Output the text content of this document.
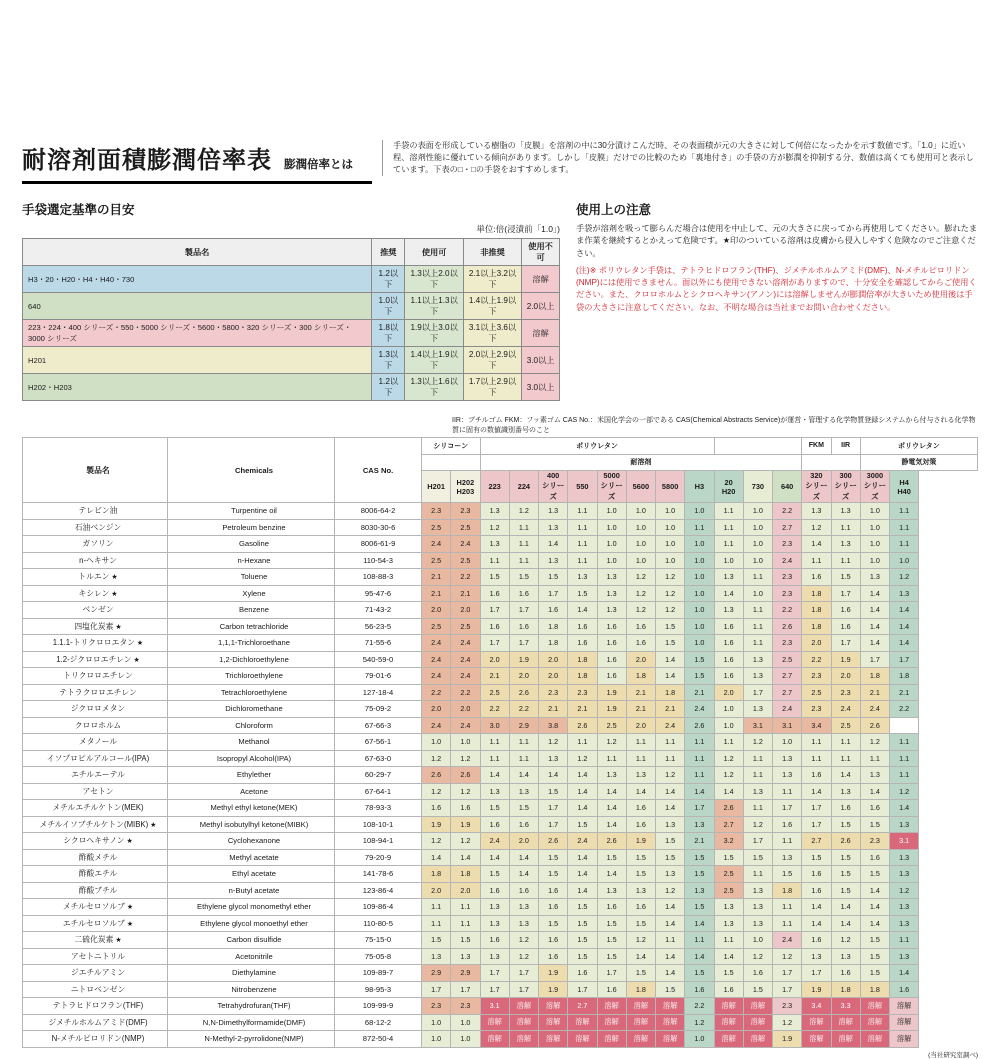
耐溶剤面積膨潤倍率表 膨潤倍率とは
手袋の表面を形成している樹脂の「皮膜」を溶剤の中に30分漬けこんだ時、その表面積が元の大きさに対して何倍になったかを示す数値です。「1.0」に近い程、溶剤性能に優れている傾向があります。しかし「皮膜」だけでの比較のため「裏地付き」の手袋の方が膨潤を抑制する分、数値は高くても使用可と表示しています。下表の□・□の手袋をおすすめします。
手袋選定基準の目安
単位:倍(浸漬前「1.0」)
製品名	推奨	使用可	非推奨	使用不可
H3・20・H20・H4・H40・730	1.2以下	1.3以上2.0以下	2.1以上3.2以下	溶解
640	1.0以下	1.1以上1.3以下	1.4以上1.9以下	2.0以上
223・224・400 シリーズ・550・5000 シリーズ・5600・5800・320 シリーズ・300 シリーズ・3000 シリーズ	1.8以下	1.9以上3.0以下	3.1以上3.6以下	溶解
H201	1.3以下	1.4以上1.9以下	2.0以上2.9以下	3.0以上
H202・H203	1.2以下	1.3以上1.6以下	1.7以上2.9以下	3.0以上
使用上の注意
手袋が溶剤を吸って膨らんだ場合は使用を中止して、元の大きさに戻ってから再使用してください。膨れたまま作業を継続するとかえって危険です。★印のついている溶剤は皮膚から侵入しやすく危険なのでご注意ください。
(注)※ ポリウレタン手袋は、テトラヒドロフラン(THF)、ジメチルホルムアミド(DMF)、N-メチルピロリドン(NMP)には使用できません。面以外にも使用できない溶剤がありますので、十分安全を確認してからご使用ください。また、クロロホルムとシクロヘキサン(アノン)には溶解しませんが膨潤倍率が大きいため使用後は手袋の大きさに注意してください。なお、不明な場合は当社までお問い合わせください。
IIR：ブチルゴム FKM：フッ素ゴム CAS No.：米国化学会の一部である CAS(Chemical Abstracts Service)が運営・管理する化学物質登録システムから付与される化学物質に固有の数値識別番号のこと
製品名	Chemicals	CAS No.	シリコーン		ポリウレタン											FKM	IIR	ポリウレタン	
					耐溶剤													静電気対策	
			H201	H202
H203	223	224	400
シリーズ	550	5000
シリーズ	5600	5800	H3	20
H20	730	640	320
シリーズ	300
シリーズ	3000
シリーズ	H4
H40
テレビン油	Turpentine oil	8006-64-2	2.3	2.3	1.3	1.2	1.3	1.1	1.0	1.0	1.0	1.0	1.1	1.0	2.2	1.3	1.3	1.0	1.1
石油ベンジン	Petroleum benzine	8030-30-6	2.5	2.5	1.2	1.1	1.3	1.1	1.0	1.0	1.0	1.1	1.1	1.0	2.7	1.2	1.1	1.0	1.1
ガソリン	Gasoline	8006-61-9	2.4	2.4	1.3	1.1	1.4	1.1	1.0	1.0	1.0	1.0	1.1	1.0	2.3	1.4	1.3	1.0	1.1
n-ヘキサン	n-Hexane	110-54-3	2.5	2.5	1.1	1.1	1.3	1.1	1.0	1.0	1.0	1.0	1.0	1.0	2.4	1.1	1.1	1.0	1.0
トルエン ★	Toluene	108-88-3	2.1	2.2	1.5	1.5	1.5	1.3	1.3	1.2	1.2	1.0	1.3	1.1	2.3	1.6	1.5	1.3	1.2
キシレン ★	Xylene	95-47-6	2.1	2.1	1.6	1.6	1.7	1.5	1.3	1.2	1.2	1.0	1.4	1.0	2.3	1.8	1.7	1.4	1.3
ベンゼン	Benzene	71-43-2	2.0	2.0	1.7	1.7	1.6	1.4	1.3	1.2	1.2	1.0	1.3	1.1	2.2	1.8	1.6	1.4	1.4
四塩化炭素 ★	Carbon tetrachloride	56-23-5	2.5	2.5	1.6	1.6	1.8	1.6	1.6	1.6	1.5	1.0	1.6	1.1	2.6	1.8	1.6	1.4	1.4
1.1.1-トリクロロエタン ★	1,1,1-Trichloroethane	71-55-6	2.4	2.4	1.7	1.7	1.8	1.6	1.6	1.6	1.5	1.0	1.6	1.1	2.3	2.0	1.7	1.4	1.4
1.2-ジクロロエチレン ★	1,2-Dichloroethylene	540-59-0	2.4	2.4	2.0	1.9	2.0	1.8	1.6	2.0	1.4	1.5	1.6	1.3	2.5	2.2	1.9	1.7	1.7
トリクロロエチレン	Trichloroethylene	79-01-6	2.4	2.4	2.1	2.0	2.0	1.8	1.6	1.8	1.4	1.5	1.6	1.3	2.7	2.3	2.0	1.8	1.8
テトラクロロエチレン	Tetrachloroethylene	127-18-4	2.2	2.2	2.5	2.6	2.3	2.3	1.9	2.1	1.8	2.1	2.0	1.7	2.7	2.5	2.3	2.1	2.1
ジクロロメタン	Dichloromethane	75-09-2	2.0	2.0	2.2	2.2	2.1	2.1	1.9	2.1	2.1	2.4	1.0	1.3	2.4	2.3	2.4	2.4	2.2
クロロホルム	Chloroform	67-66-3	2.4	2.4	3.0	2.9	3.8	2.6	2.5	2.0	2.4	2.6	1.0	3.1	3.1	3.4	2.5	2.6	
メタノール	Methanol	67-56-1	1.0	1.0	1.1	1.1	1.2	1.1	1.2	1.1	1.1	1.1	1.1	1.2	1.0	1.1	1.1	1.2	1.1
イソプロピルアルコール(IPA)	Isopropyl Alcohol(IPA)	67-63-0	1.2	1.2	1.1	1.1	1.3	1.2	1.1	1.1	1.1	1.1	1.2	1.1	1.3	1.1	1.1	1.1	1.1
エチルエーテル	Ethylether	60-29-7	2.6	2.6	1.4	1.4	1.4	1.4	1.3	1.3	1.2	1.1	1.2	1.1	1.3	1.6	1.4	1.3	1.1
アセトン	Acetone	67-64-1	1.2	1.2	1.3	1.3	1.5	1.4	1.4	1.4	1.4	1.4	1.4	1.3	1.1	1.4	1.3	1.4	1.2
メチルエチルケトン(MEK)	Methyl ethyl ketone(MEK)	78-93-3	1.6	1.6	1.5	1.5	1.7	1.4	1.4	1.6	1.4	1.7	2.6	1.1	1.7	1.7	1.6	1.6	1.4
メチルイソブチルケトン(MIBK) ★	Methyl isobutylhyl ketone(MIBK)	108-10-1	1.9	1.9	1.6	1.6	1.7	1.5	1.4	1.6	1.3	1.3	2.7	1.2	1.6	1.7	1.5	1.5	1.3
シクロヘキサノン ★	Cyclohexanone	108-94-1	1.2	1.2	2.4	2.0	2.6	2.4	2.6	1.9	1.5	2.1	3.2	1.7	1.1	2.7	2.6	2.3	3.1
酢酸メチル	Methyl acetate	79-20-9	1.4	1.4	1.4	1.4	1.5	1.4	1.5	1.5	1.5	1.5	1.5	1.5	1.3	1.5	1.5	1.6	1.3
酢酸エチル	Ethyl acetate	141-78-6	1.8	1.8	1.5	1.4	1.5	1.4	1.4	1.5	1.3	1.5	2.5	1.1	1.5	1.6	1.5	1.5	1.3
酢酸ブチル	n-Butyl acetate	123-86-4	2.0	2.0	1.6	1.6	1.6	1.4	1.3	1.3	1.2	1.3	2.5	1.3	1.8	1.6	1.5	1.4	1.2
メチルセロソルブ ★	Ethylene glycol monomethyl ether	109-86-4	1.1	1.1	1.3	1.3	1.6	1.5	1.6	1.6	1.4	1.5	1.3	1.3	1.1	1.4	1.4	1.4	1.3
エチルセロソルブ ★	Ethylene glycol monoethyl ether	110-80-5	1.1	1.1	1.3	1.3	1.5	1.5	1.5	1.5	1.4	1.4	1.3	1.3	1.1	1.4	1.4	1.4	1.3
二硫化炭素 ★	Carbon disulfide	75-15-0	1.5	1.5	1.6	1.2	1.6	1.5	1.5	1.2	1.1	1.1	1.1	1.0	2.4	1.6	1.2	1.5	1.1
アセトニトリル	Acetonitrile	75-05-8	1.3	1.3	1.3	1.2	1.6	1.5	1.5	1.4	1.4	1.4	1.4	1.2	1.2	1.3	1.3	1.5	1.3
ジエチルアミン	Diethylamine	109-89-7	2.9	2.9	1.7	1.7	1.9	1.6	1.7	1.5	1.4	1.5	1.5	1.6	1.7	1.7	1.6	1.5	1.4
ニトロベンゼン	Nitrobenzene	98-95-3	1.7	1.7	1.7	1.7	1.9	1.7	1.6	1.8	1.5	1.6	1.6	1.5	1.7	1.9	1.8	1.8	1.6
テトラヒドロフラン(THF)	Tetrahydrofuran(THF)	109-99-9	2.3	2.3	3.1	溶解	溶解	2.7	溶解	溶解	溶解	2.2	溶解	溶解	2.3	3.4	3.3	溶解	溶解
ジメチルホルムアミド(DMF)	N,N-Dimethylformamide(DMF)	68-12-2	1.0	1.0	溶解	溶解	溶解	溶解	溶解	溶解	溶解	1.2	溶解	溶解	1.2	溶解	溶解	溶解	溶解
N-メチルピロリドン(NMP)	N-Methyl-2-pyrrolidone(NMP)	872-50-4	1.0	1.0	溶解	溶解	溶解	溶解	溶解	溶解	溶解	1.0	溶解	溶解	1.9	溶解	溶解	溶解	溶解
(当社研究室調べ)
